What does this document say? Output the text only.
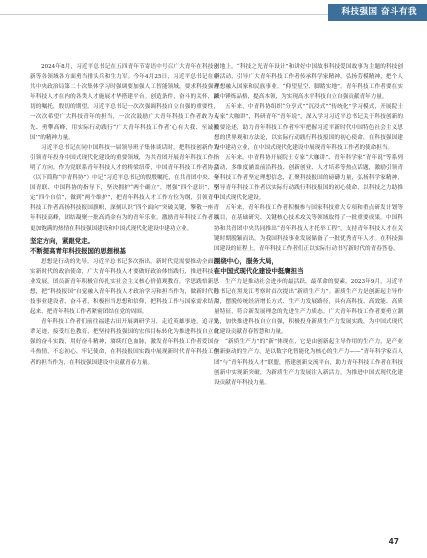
科技强国 奋斗有我

2024年8月，习近平总书记在五四青年节寄语中号召广大青年在科技创新等各领域各方面勇当排头兵和生力军。今年4月25日，习近平总书记在中共中央政治局第二十次集体学习时强调要加强人工智能领域，要求科技强青年科技人才在内的各类人才施展才华搭建平台。创造条件，奋斗的关怀，深切的嘱托，殷切的期望。习近平总书记一次次强调科技自立自强的重要性，一次次希望广大科技青年的担当，一次次鼓励广大青年科技工作者敢为人先、勇攀高峰，用实际行动践行“广大青年科技工作者‘心有大我、至诚报国’”的精神力量。

习近平总书记在同中国科技一届领导班子集体谈话时，把科技创新作为引领青年投身中国式现代化建设的重要领域，为共青团开展青年科技工作指明了方向。作为党联系青年科技人才的桥梁纽带，中国青年科技工作者协会（以下简称“中青科协”）中记“习近平总书记的殷殷嘱托，在共青团中央、全国青联、中国科协的指导下，坚决拥护“两个确立”，增强“四个意识”，坚定“四个自信”，做到“两个维护”，把青年科技人才工作方位为纲，引领青年科技工作者高扬科技报国旗帜，深刻认识“四个面向”突破关键，擎敬一座青年科技高峰，团结凝聚一批高尚金有为的青年乐业，激励青年科技工作者以更加饱满的热情在科技强国建设和中国式现代化建设中建功立业。

坚定方向，紧跟党走。
不断提高青年科技报国的思想根基

思想是行动的先导。习近平总书记多次指出，新时代党需要推动全面落实新时代的政治使命，广大青年科技人才要做好政治体悟践行，推进科技事业发展。团员新青年积极宣传扎实社会主义核心价值观教育，学思践悟新思想，把“科技报国”自觉融入青年科技人才政治学习和担当作为，做新时代科技事业建设者、奋斗者，积极担当思想和信仰，把科技工作与国家需求结合起来、把青年科技工作者紧密团结在党的周围。

青年科技工作者们前往福建古田开展调研学习，走近英雄事迹，追寻先辈足迹，接受红色教育，把坚持科技强国的宏伟目标转化为推进科技自立自强的奋斗实践，用好奋斗精神，赓续红色血脉，激发青年科技工作者爱国奋斗热情，不忘初心、牢记使命，在科技报国实践中展现新时代青年科技工作者的担当作为，在科技强国建设中贡献青春力量。

土地上，“科技之光青年设计”和讲好中国故事科技爱国故事为主题的科技创新活动，引导广大青年科技工作者传承科学家精神，弘扬劳模精神，把个人理想融入国家和民族事业。“仰望星空、脚踏实地”，青年科技工作者要在实践中锤炼品格，提高本领，为实现高水平科技自立自强贡献青年力量。

五年来，中青科协组织“分享式”“沉浸式”“传统化”学习模式，开展院士专家“大咖讲”，科研青年“青年说”，深入学习习近平总书记关于科技创新的重要论述，助力青年科技工作者牢牢把握习近平新时代中国特色社会主义思想的世界观和方法论，以实际行动践行科技报国的初心使命，在科技强国建设中建功立业，在中国式现代化建设中展现青年科技工作者的使命担当。

五年来，中青科协开展院士专家“大咖讲”、青年科学家“青年说”等系列活动，多维度涵盖前沿科技、创新创业、人才培养等热点话题，激励引领青年科技工作者坚定理想信念，汇聚科技报国的磅礴力量，弘扬科学家精神，引导青年科技工作者以实际行动践行科技报国的初心使命，以科技之力助推中国式现代化建设。

五年来，青年科技工作者积极参与国家科技重大专项和重点研发计划等项目，在基础研究、关键核心技术攻关等领域取得了一批重要成果。中国科协和共青团中央共同推出“青年科技人才托举工程”，支持青年科技人才在关键时期脱颖而出，为我国科技事业发展储备了一批优秀青年人才。在科技强国建设的征程上，青年科技工作者们正以实际行动书写新时代的青春答卷。

围绕中心，服务大局，
在中国式现代化建设中挺膺担当

生产力是推动社会进步的最活跃、最革命的要素。2023年9月，习近平总书记在黑龙江考察时首次提出“新质生产力”。新质生产力是创新起主导作用，摆脱传统经济增长方式、生产力发展路径，具有高科技、高效能、高质量特征，符合新发展理念的先进生产力质态。广大青年科技工作者要勇立潮头，加快推进科技自立自强，积极投身新质生产力发展实践，为中国式现代化建设贡献青春智慧和力量。

“新质生产力”的“新”体现在，它是由创新起主导作用的生产力，是产业创新驱动的生产力，是以数字化智能化为核心的生产力——“青年科学家百人团”与“青年科技人才”联盟，搭建创新交流平台，助力青年科技工作者在科技创新中实现新突破，为新质生产力发展注入新活力，为推进中国式现代化建设贡献青年科技力量。

47
